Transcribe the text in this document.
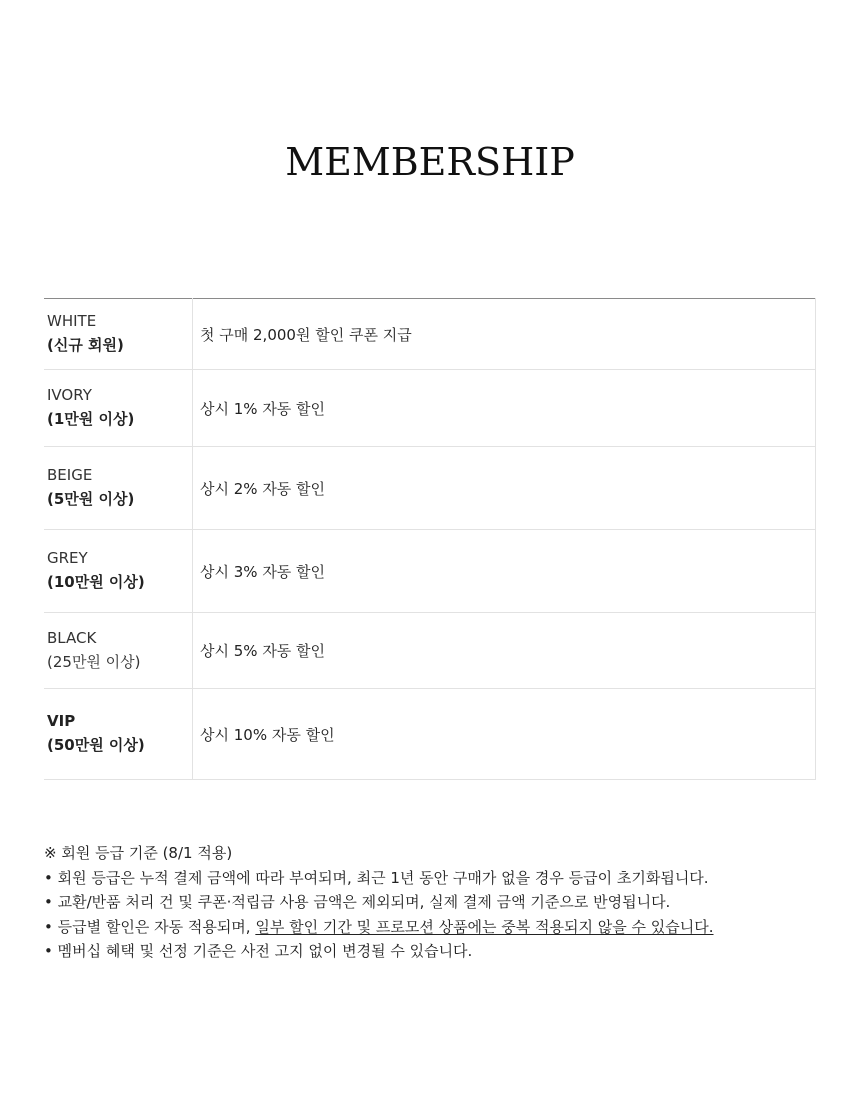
MEMBERSHIP
WHITE
(신규 회원)	첫 구매 2,000원 할인 쿠폰 지급

IVORY
(1만원 이상)	상시 1% 자동 할인

BEIGE
(5만원 이상)	상시 2% 자동 할인

GREY
(10만원 이상)	상시 3% 자동 할인

BLACK
(25만원 이상)	상시 5% 자동 할인

VIP
(50만원 이상)	상시 10% 자동 할인
※ 회원 등급 기준 (8/1 적용)
• 회원 등급은 누적 결제 금액에 따라 부여되며, 최근 1년 동안 구매가 없을 경우 등급이 초기화됩니다.
• 교환/반품 처리 건 및 쿠폰·적립금 사용 금액은 제외되며, 실제 결제 금액 기준으로 반영됩니다.
• 등급별 할인은 자동 적용되며, 일부 할인 기간 및 프로모션 상품에는 중복 적용되지 않을 수 있습니다.
• 멤버십 혜택 및 선정 기준은 사전 고지 없이 변경될 수 있습니다.
